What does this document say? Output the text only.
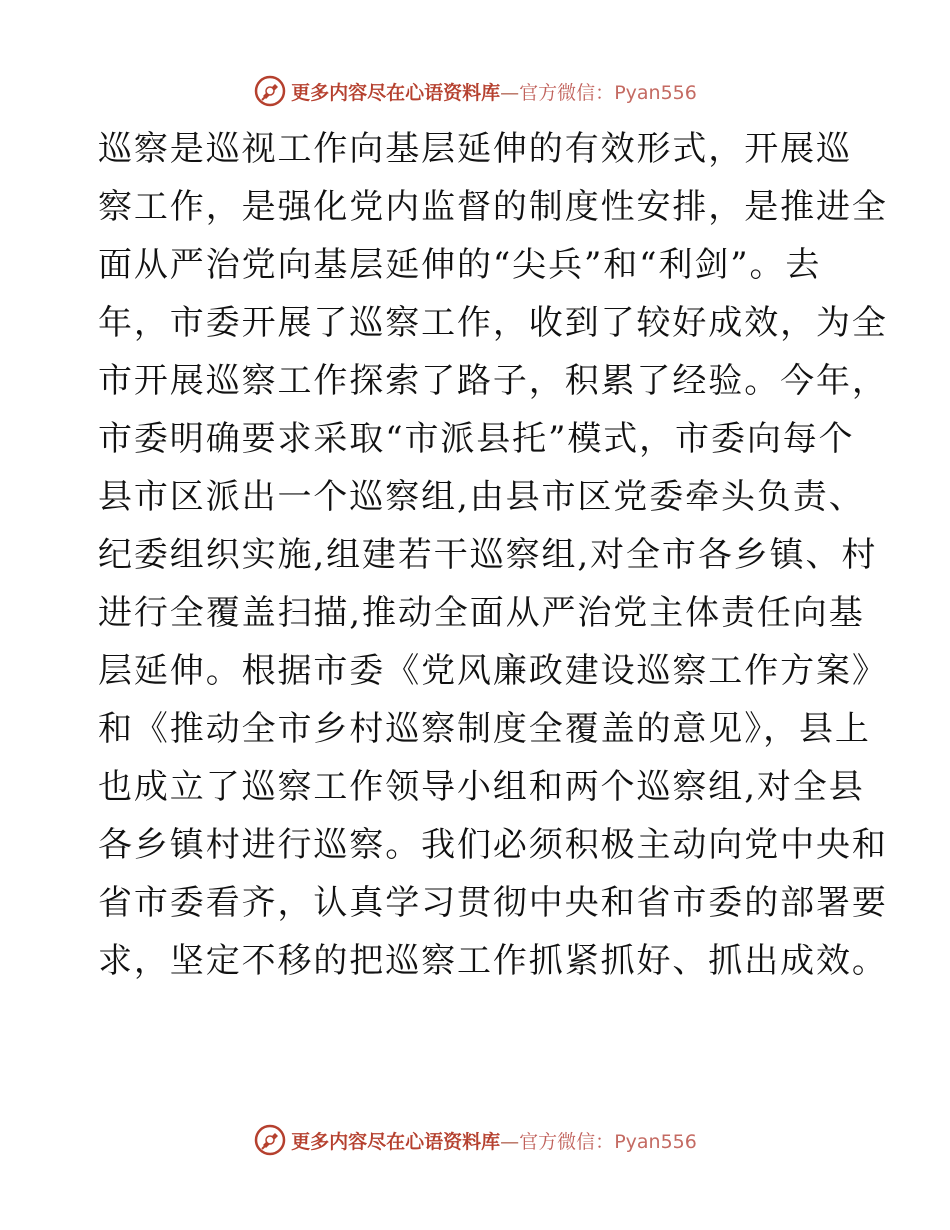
更多内容尽在心语资料库—官方微信：Pyan556
巡察是巡视工作向基层延伸的有效形式，开展巡
察工作，是强化党内监督的制度性安排，是推进全
面从严治党向基层延伸的“尖兵”和“利剑”。去
年，市委开展了巡察工作，收到了较好成效，为全
市开展巡察工作探索了路子，积累了经验。今年，
市委明确要求采取“市派县托”模式，市委向每个
县市区派出一个巡察组,由县市区党委牵头负责、
纪委组织实施,组建若干巡察组,对全市各乡镇、村
进行全覆盖扫描,推动全面从严治党主体责任向基
层延伸。根据市委《党风廉政建设巡察工作方案》
和《推动全市乡村巡察制度全覆盖的意见》，县上
也成立了巡察工作领导小组和两个巡察组,对全县
各乡镇村进行巡察。我们必须积极主动向党中央和
省市委看齐，认真学习贯彻中央和省市委的部署要
求，坚定不移的把巡察工作抓紧抓好、抓出成效。
更多内容尽在心语资料库—官方微信：Pyan556
